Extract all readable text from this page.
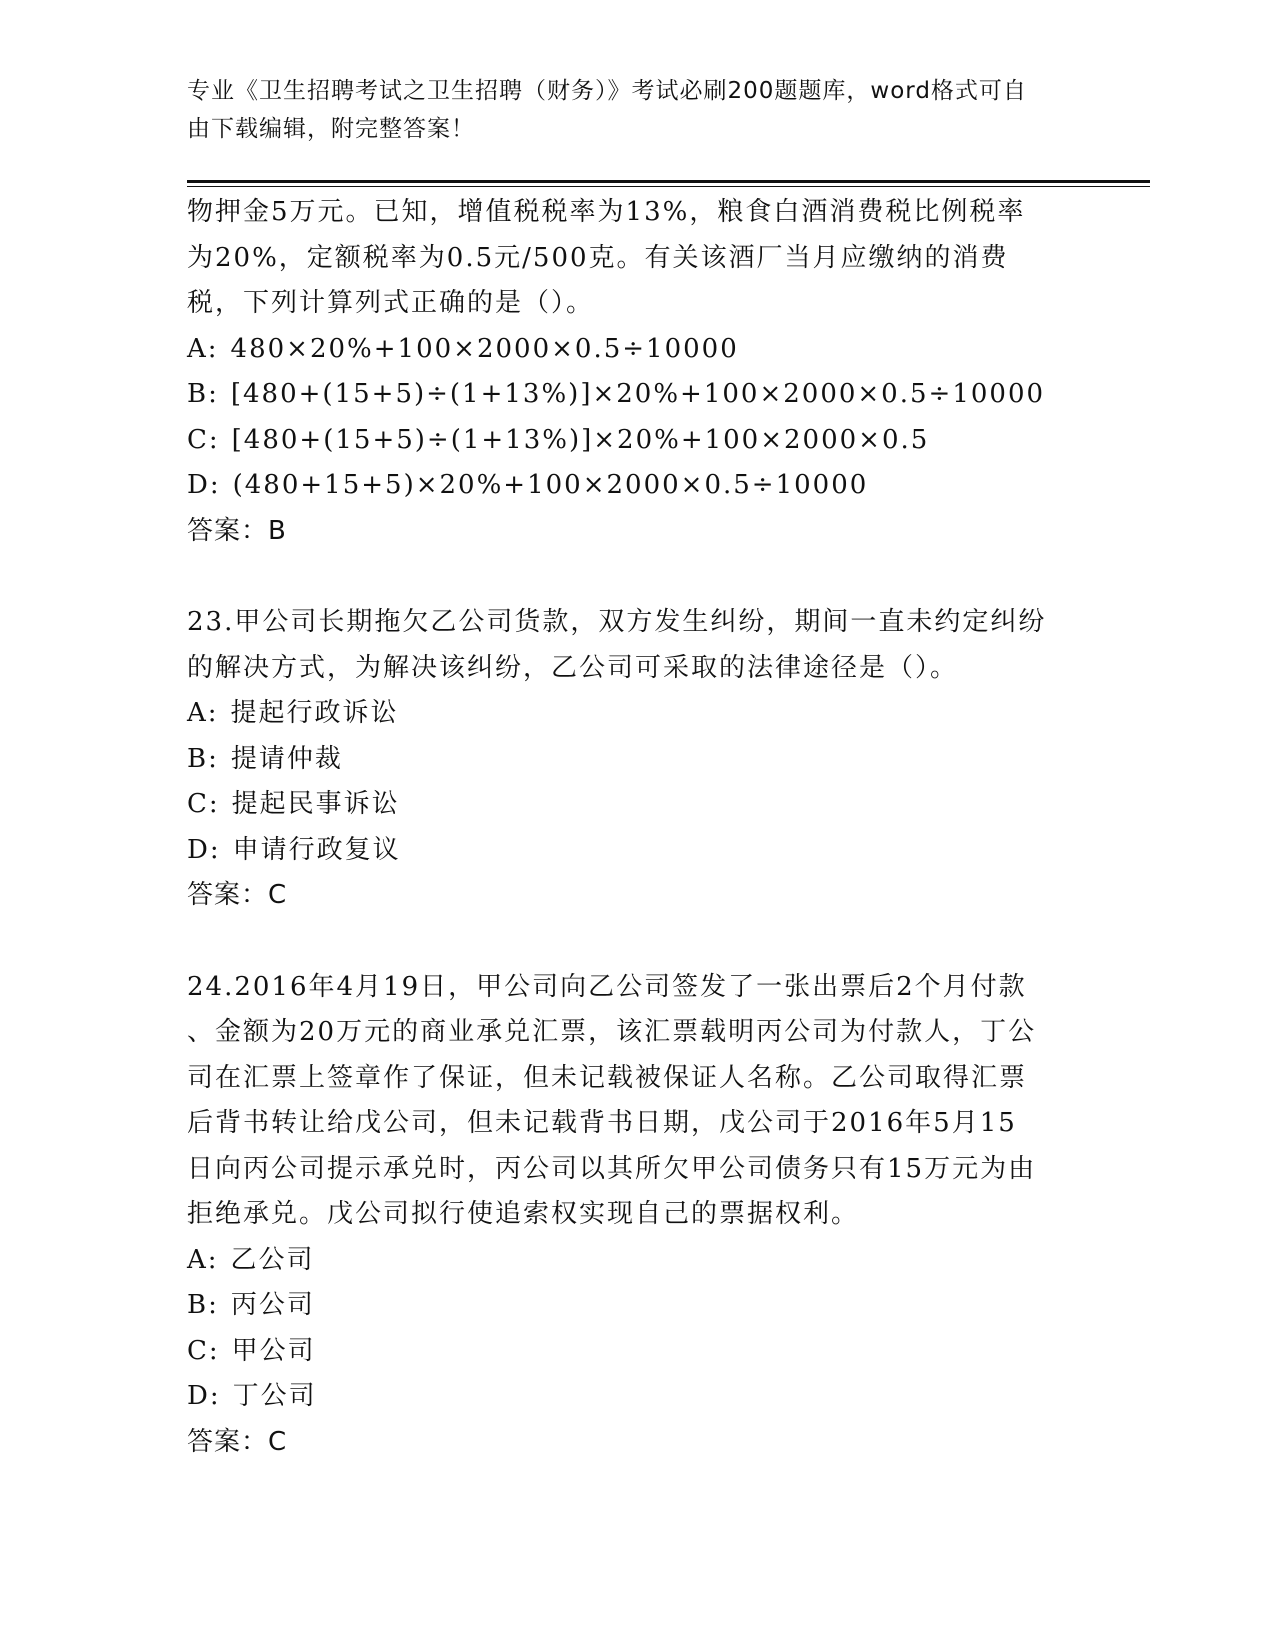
专业《卫生招聘考试之卫生招聘（财务）》考试必刷200题题库，word格式可自
由下载编辑，附完整答案！
物押金5万元。已知，增值税税率为13%，粮食白酒消费税比例税率
为20%，定额税率为0.5元/500克。有关该酒厂当月应缴纳的消费
税，下列计算列式正确的是（）。
A: 480×20%+100×2000×0.5÷10000
B: [480+(15+5)÷(1+13%)]×20%+100×2000×0.5÷10000
C: [480+(15+5)÷(1+13%)]×20%+100×2000×0.5
D: (480+15+5)×20%+100×2000×0.5÷10000
答案：B
23.甲公司长期拖欠乙公司货款，双方发生纠纷，期间一直未约定纠纷
的解决方式，为解决该纠纷，乙公司可采取的法律途径是（）。
A: 提起行政诉讼
B: 提请仲裁
C: 提起民事诉讼
D: 申请行政复议
答案：C
24.2016年4月19日，甲公司向乙公司签发了一张出票后2个月付款
、金额为20万元的商业承兑汇票，该汇票载明丙公司为付款人，丁公
司在汇票上签章作了保证，但未记载被保证人名称。乙公司取得汇票
后背书转让给戊公司，但未记载背书日期，戊公司于2016年5月15
日向丙公司提示承兑时，丙公司以其所欠甲公司债务只有15万元为由
拒绝承兑。戊公司拟行使追索权实现自己的票据权利。
A: 乙公司
B: 丙公司
C: 甲公司
D: 丁公司
答案：C
